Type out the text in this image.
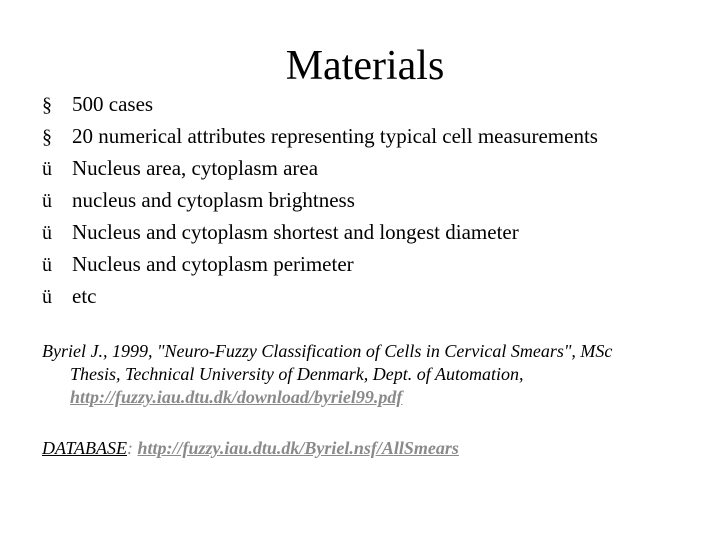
Materials
§ 500 cases
§ 20 numerical attributes representing typical cell measurements
ü Nucleus area, cytoplasm area
ü nucleus and cytoplasm brightness
ü Nucleus and cytoplasm shortest and longest diameter
ü Nucleus and cytoplasm perimeter
ü etc
Byriel J., 1999, "Neuro-Fuzzy Classification of Cells in Cervical Smears", MSc
Thesis, Technical University of Denmark, Dept. of Automation,
http://fuzzy.iau.dtu.dk/download/byriel99.pdf
DATABASE: http://fuzzy.iau.dtu.dk/Byriel.nsf/AllSmears
